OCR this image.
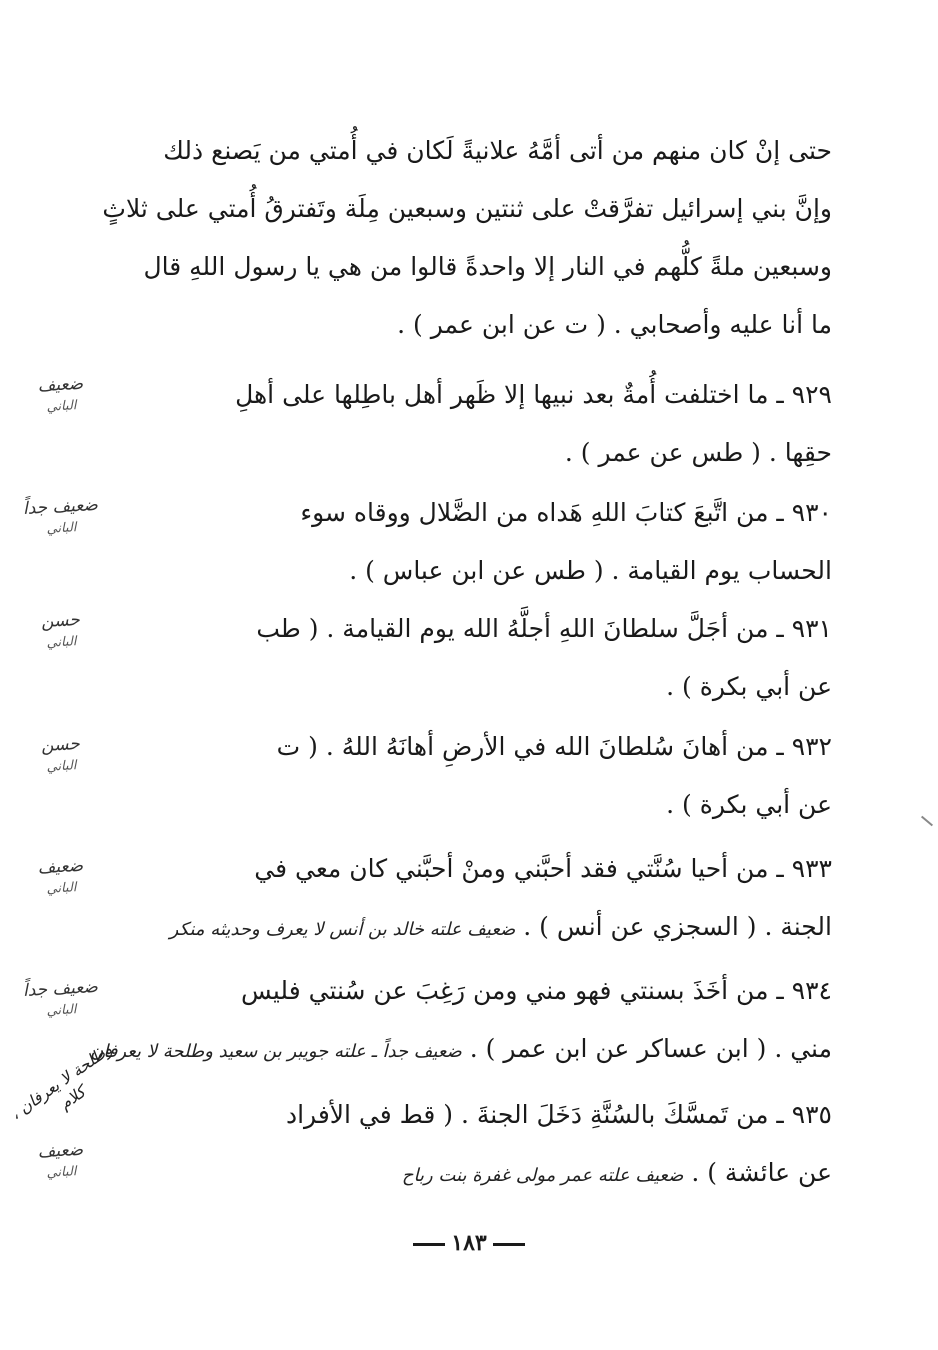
حتى إنْ كان منهم من أتى أمَّهُ علانيةً لَكان في أُمتي من يَصنع ذلك
وإنَّ بني إسرائيل تفرَّقتْ على ثنتين وسبعين مِلَة وتَفترقُ أُمتي على ثلاثٍ
وسبعين ملةً كلُّهم في النار إلا واحدةً قالوا من هي يا رسول اللهِ قال
ما أنا عليه وأصحابي . ( ت عن ابن عمر ) .
٩٢٩ ـ ما اختلفت أُمةٌ بعد نبيها إلا ظَهر أهل باطِلها على أهلِ
حقِها . ( طس عن عمر ) .
٩٣٠ ـ من اتَّبعَ كتابَ اللهِ هَداه من الضَّلال ووقاه سوء
الحساب يوم القيامة . ( طس عن ابن عباس ) .
٩٣١ ـ من أجَلَّ سلطانَ اللهِ أجلَّهُ الله يوم القيامة . ( طب
عن أبي بكرة ) .
٩٣٢ ـ من أهانَ سُلطانَ الله في الأرضِ أهانَهُ اللهُ . ( ت
عن أبي بكرة ) .
٩٣٣ ـ من أحيا سُنَّتي فقد أحبَّني ومنْ أحبَّني كان معي في
الجنة . ( السجزي عن أنس ) . ضعيف علته خالد بن أنس لا يعرف وحديثه منكر
٩٣٤ ـ من أخَذَ بسنتي فهو مني ومن رَغِبَ عن سُنتي فليس
مني . ( ابن عساكر عن ابن عمر ) . ضعيف جداً ـ علته جويبر بن سعيد وطلحة لا يعرفان
٩٣٥ ـ من تَمسَّكَ بالسُنَّةِ دَخَلَ الجنةَ . ( قط في الأفراد
عن عائشة ) . ضعيف علته عمر مولى غفرة بنت رباح
ضعيف
الباني
ضعيف جداً
الباني
حسن
الباني
حسن
الباني
ضعيف
الباني
ضعيف جداً
الباني
ضعيف
الباني
وطلحة لا يعرفان ، كلام
١٨٣
